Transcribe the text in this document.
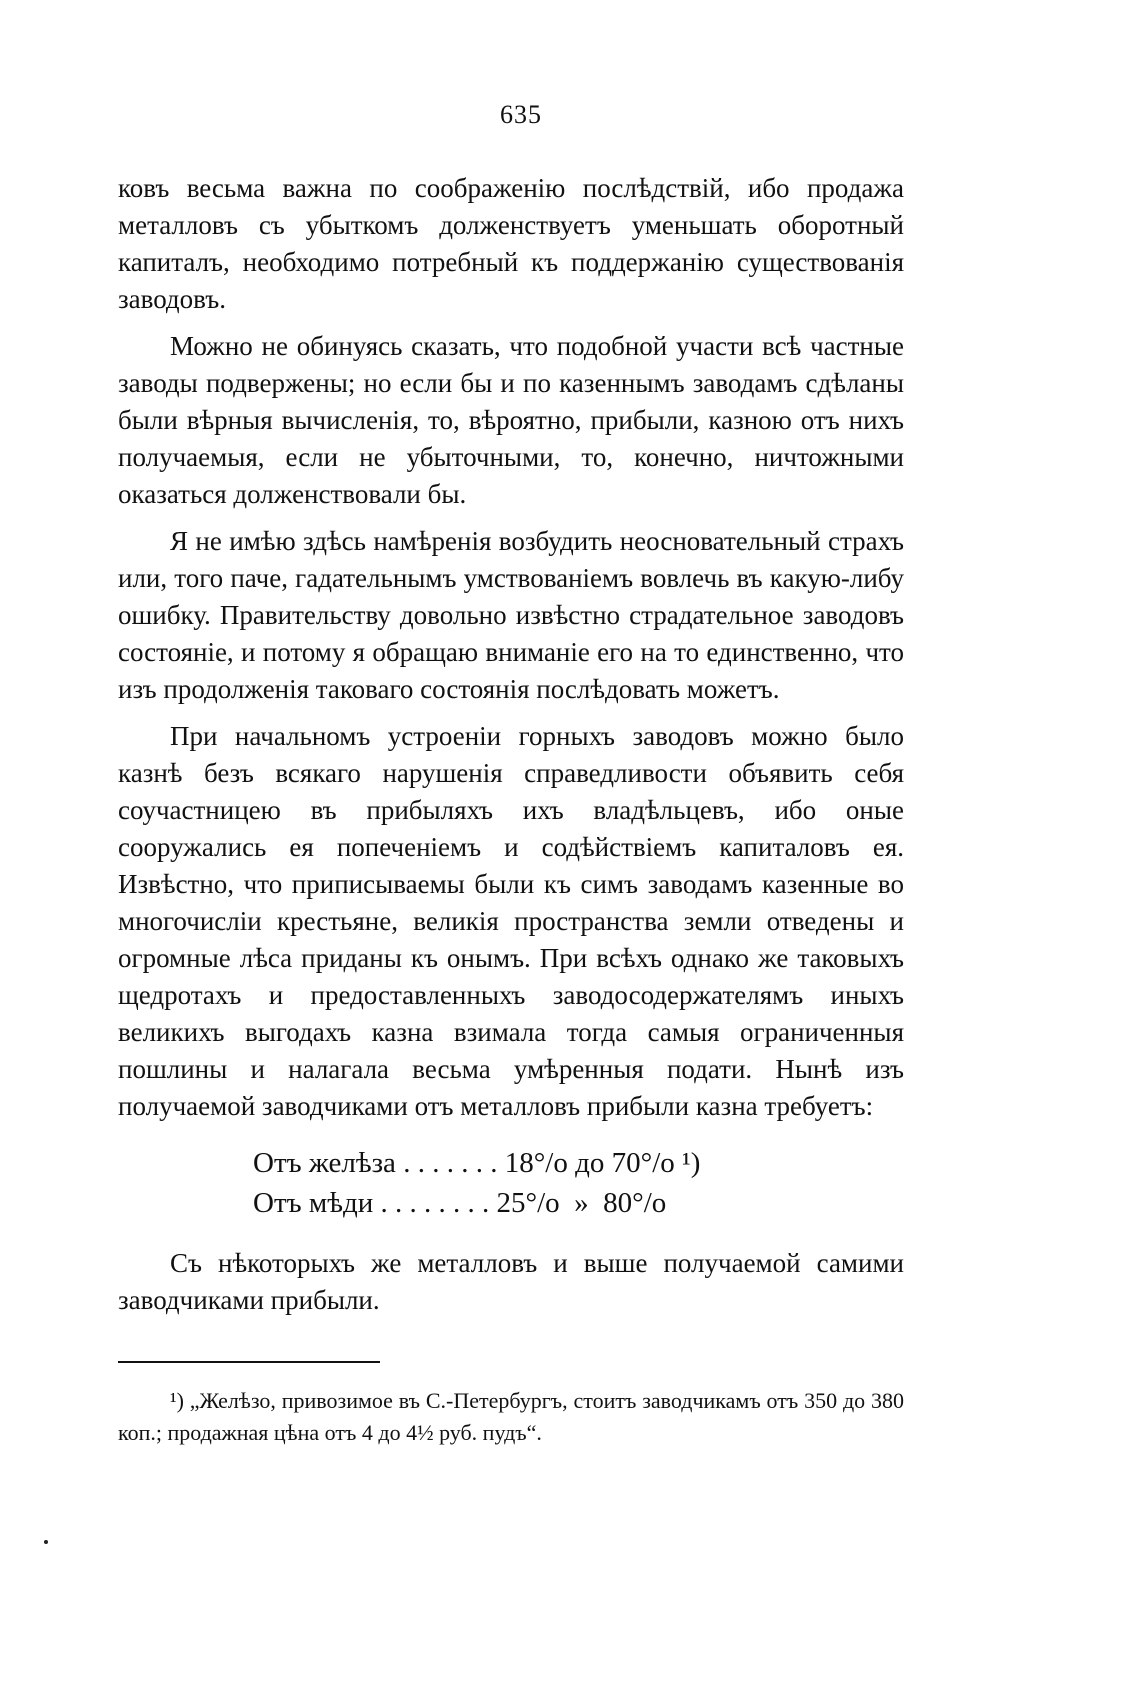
635

ковъ весьма важна по соображенію послѣдствій, ибо продажа металловъ съ убыткомъ долженствуетъ уменьшать оборотный капиталъ, необходимо потребный къ поддержанію существованія заводовъ.

Можно не обинуясь сказать, что подобной участи всѣ частные заводы подвержены; но если бы и по казеннымъ заводамъ сдѣланы были вѣрныя вычисленія, то, вѣроятно, прибыли, казною отъ нихъ получаемыя, если не убыточными, то, конечно, ничтожными оказаться долженствовали бы.

Я не имѣю здѣсь намѣренія возбудить неосновательный страхъ или, того паче, гадательнымъ умствованіемъ вовлечь въ какую-либу ошибку. Правительству довольно извѣстно страдательное заводовъ состояніе, и потому я обращаю вниманіе его на то единственно, что изъ продолженія таковаго состоянія послѣдовать можетъ.

При начальномъ устроеніи горныхъ заводовъ можно было казнѣ безъ всякаго нарушенія справедливости объявить себя соучастницею въ прибыляхъ ихъ владѣльцевъ, ибо оные сооружались ея попеченіемъ и содѣйствіемъ капиталовъ ея. Извѣстно, что приписываемы были къ симъ заводамъ казенные во многочисліи крестьяне, великія пространства земли отведены и огромные лѣса приданы къ онымъ. При всѣхъ однако же таковыхъ щедротахъ и предоставленныхъ заводосодержателямъ иныхъ великихъ выгодахъ казна взимала тогда самыя ограниченныя пошлины и налагала весьма умѣренныя подати. Нынѣ изъ получаемой заводчиками отъ металловъ прибыли казна требуетъ:

Отъ желѣза . . . . . . . 18°/o до 70°/o ¹)
Отъ мѣди . . . . . . . . 25°/o  »  80°/o

Съ нѣкоторыхъ же металловъ и выше получаемой самими заводчиками прибыли.

¹) „Желѣзо, привозимое въ С.-Петербургъ, стоитъ заводчикамъ отъ 350 до 380 коп.; продажная цѣна отъ 4 до 4½ руб. пудъ“.
